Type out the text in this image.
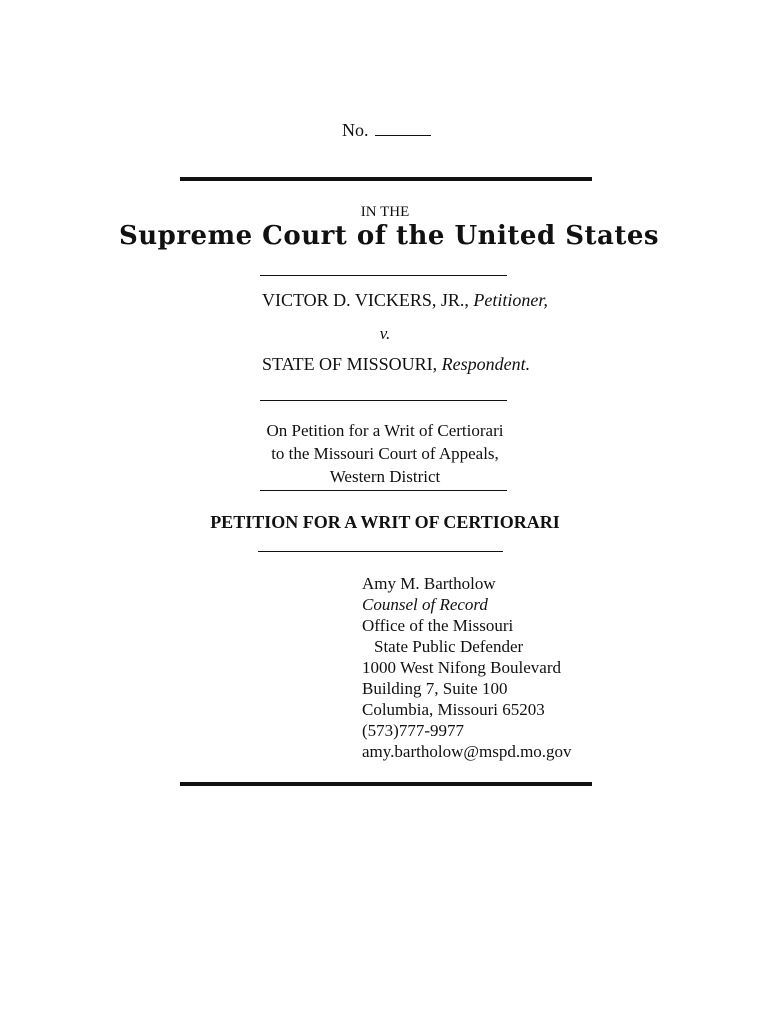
No.
IN THE
Supreme Court of the United States
VICTOR D. VICKERS, JR., Petitioner,
v.
STATE OF MISSOURI, Respondent.
On Petition for a Writ of Certiorari
to the Missouri Court of Appeals,
Western District
PETITION FOR A WRIT OF CERTIORARI
Amy M. Bartholow
Counsel of Record
Office of the Missouri
State Public Defender
1000 West Nifong Boulevard
Building 7, Suite 100
Columbia, Missouri 65203
(573)777-9977
amy.bartholow@mspd.mo.gov
